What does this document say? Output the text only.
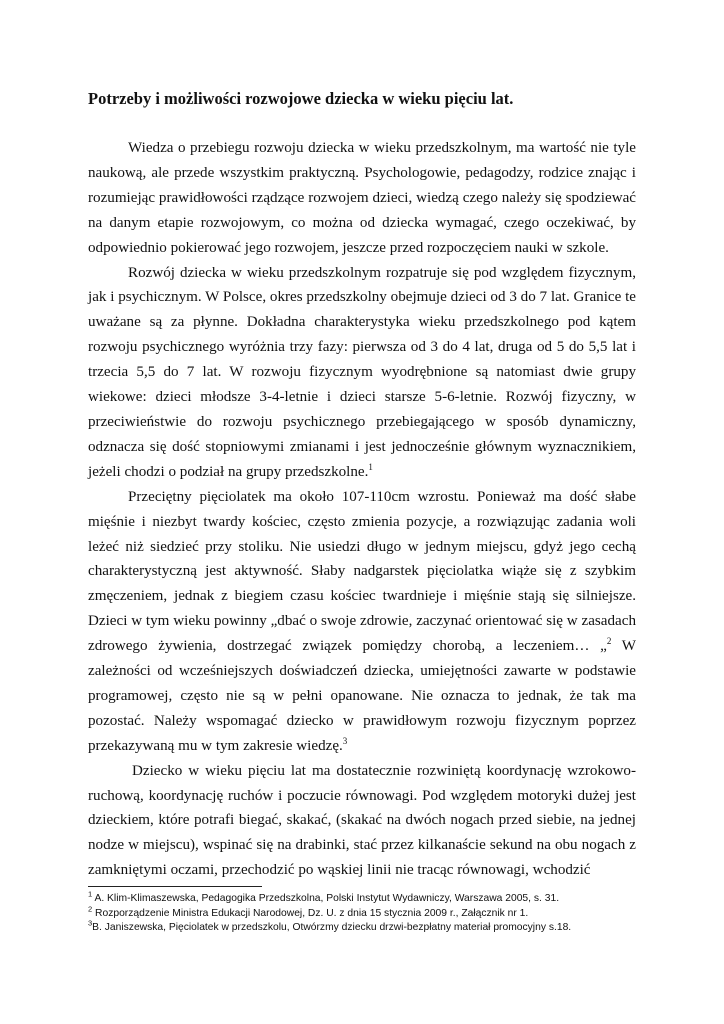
Potrzeby i możliwości rozwojowe dziecka w wieku pięciu lat.

Wiedza o przebiegu rozwoju dziecka w wieku przedszkolnym, ma wartość nie tyle naukową, ale przede wszystkim praktyczną. Psychologowie, pedagodzy, rodzice znając i rozumiejąc prawidłowości rządzące rozwojem dzieci, wiedzą czego należy się spodziewać na danym etapie rozwojowym, co można od dziecka wymagać, czego oczekiwać, by odpowiednio pokierować jego rozwojem, jeszcze przed rozpoczęciem nauki w szkole.

Rozwój dziecka w wieku przedszkolnym rozpatruje się pod względem fizycznym, jak i psychicznym. W Polsce, okres przedszkolny obejmuje dzieci od 3 do 7 lat. Granice te uważane są za płynne. Dokładna charakterystyka wieku przedszkolnego pod kątem rozwoju psychicznego wyróżnia trzy fazy: pierwsza od 3 do 4 lat, druga od 5 do 5,5 lat i trzecia 5,5 do 7 lat. W rozwoju fizycznym wyodrębnione są natomiast dwie grupy wiekowe: dzieci młodsze 3-4-letnie i dzieci starsze 5-6-letnie. Rozwój fizyczny, w przeciwieństwie do rozwoju psychicznego przebiegającego w sposób dynamiczny, odznacza się dość stopniowymi zmianami i jest jednocześnie głównym wyznacznikiem, jeżeli chodzi o podział na grupy przedszkolne.$^1$

Przeciętny pięciolatek ma około 107-110cm wzrostu. Ponieważ ma dość słabe mięśnie i niezbyt twardy kościec, często zmienia pozycje, a rozwiązując zadania woli leżeć niż siedzieć przy stoliku. Nie usiedzi długo w jednym miejscu, gdyż jego cechą charakterystyczną jest aktywność. Słaby nadgarstek pięciolatka wiąże się z szybkim zmęczeniem, jednak z biegiem czasu kościec twardnieje i mięśnie stają się silniejsze. Dzieci w tym wieku powinny „dbać o swoje zdrowie, zaczynać orientować się w zasadach zdrowego żywienia, dostrzegać związek pomiędzy chorobą, a leczeniem… „$^2$ W zależności od wcześniejszych doświadczeń dziecka, umiejętności zawarte w podstawie programowej, często nie są w pełni opanowane. Nie oznacza to jednak, że tak ma pozostać. Należy wspomagać dziecko w prawidłowym rozwoju fizycznym poprzez przekazywaną mu w tym zakresie wiedzę.$^3$

Dziecko w wieku pięciu lat ma dostatecznie rozwiniętą koordynację wzrokowo-ruchową, koordynację ruchów i poczucie równowagi. Pod względem motoryki dużej jest dzieckiem, które potrafi biegać, skakać, (skakać na dwóch nogach przed siebie, na jednej nodze w miejscu), wspinać się na drabinki, stać przez kilkanaście sekund na obu nogach z zamkniętymi oczami, przechodzić po wąskiej linii nie tracąc równowagi, wchodzić

$^1$ A. Klim-Klimaszewska, Pedagogika Przedszkolna, Polski Instytut Wydawniczy, Warszawa 2005, s. 31.
$^2$ Rozporządzenie Ministra Edukacji Narodowej, Dz. U. z dnia 15 stycznia 2009 r., Załącznik nr 1.
$^3$B. Janiszewska, Pięciolatek w przedszkolu, Otwórzmy dziecku drzwi-bezpłatny materiał promocyjny s.18.
